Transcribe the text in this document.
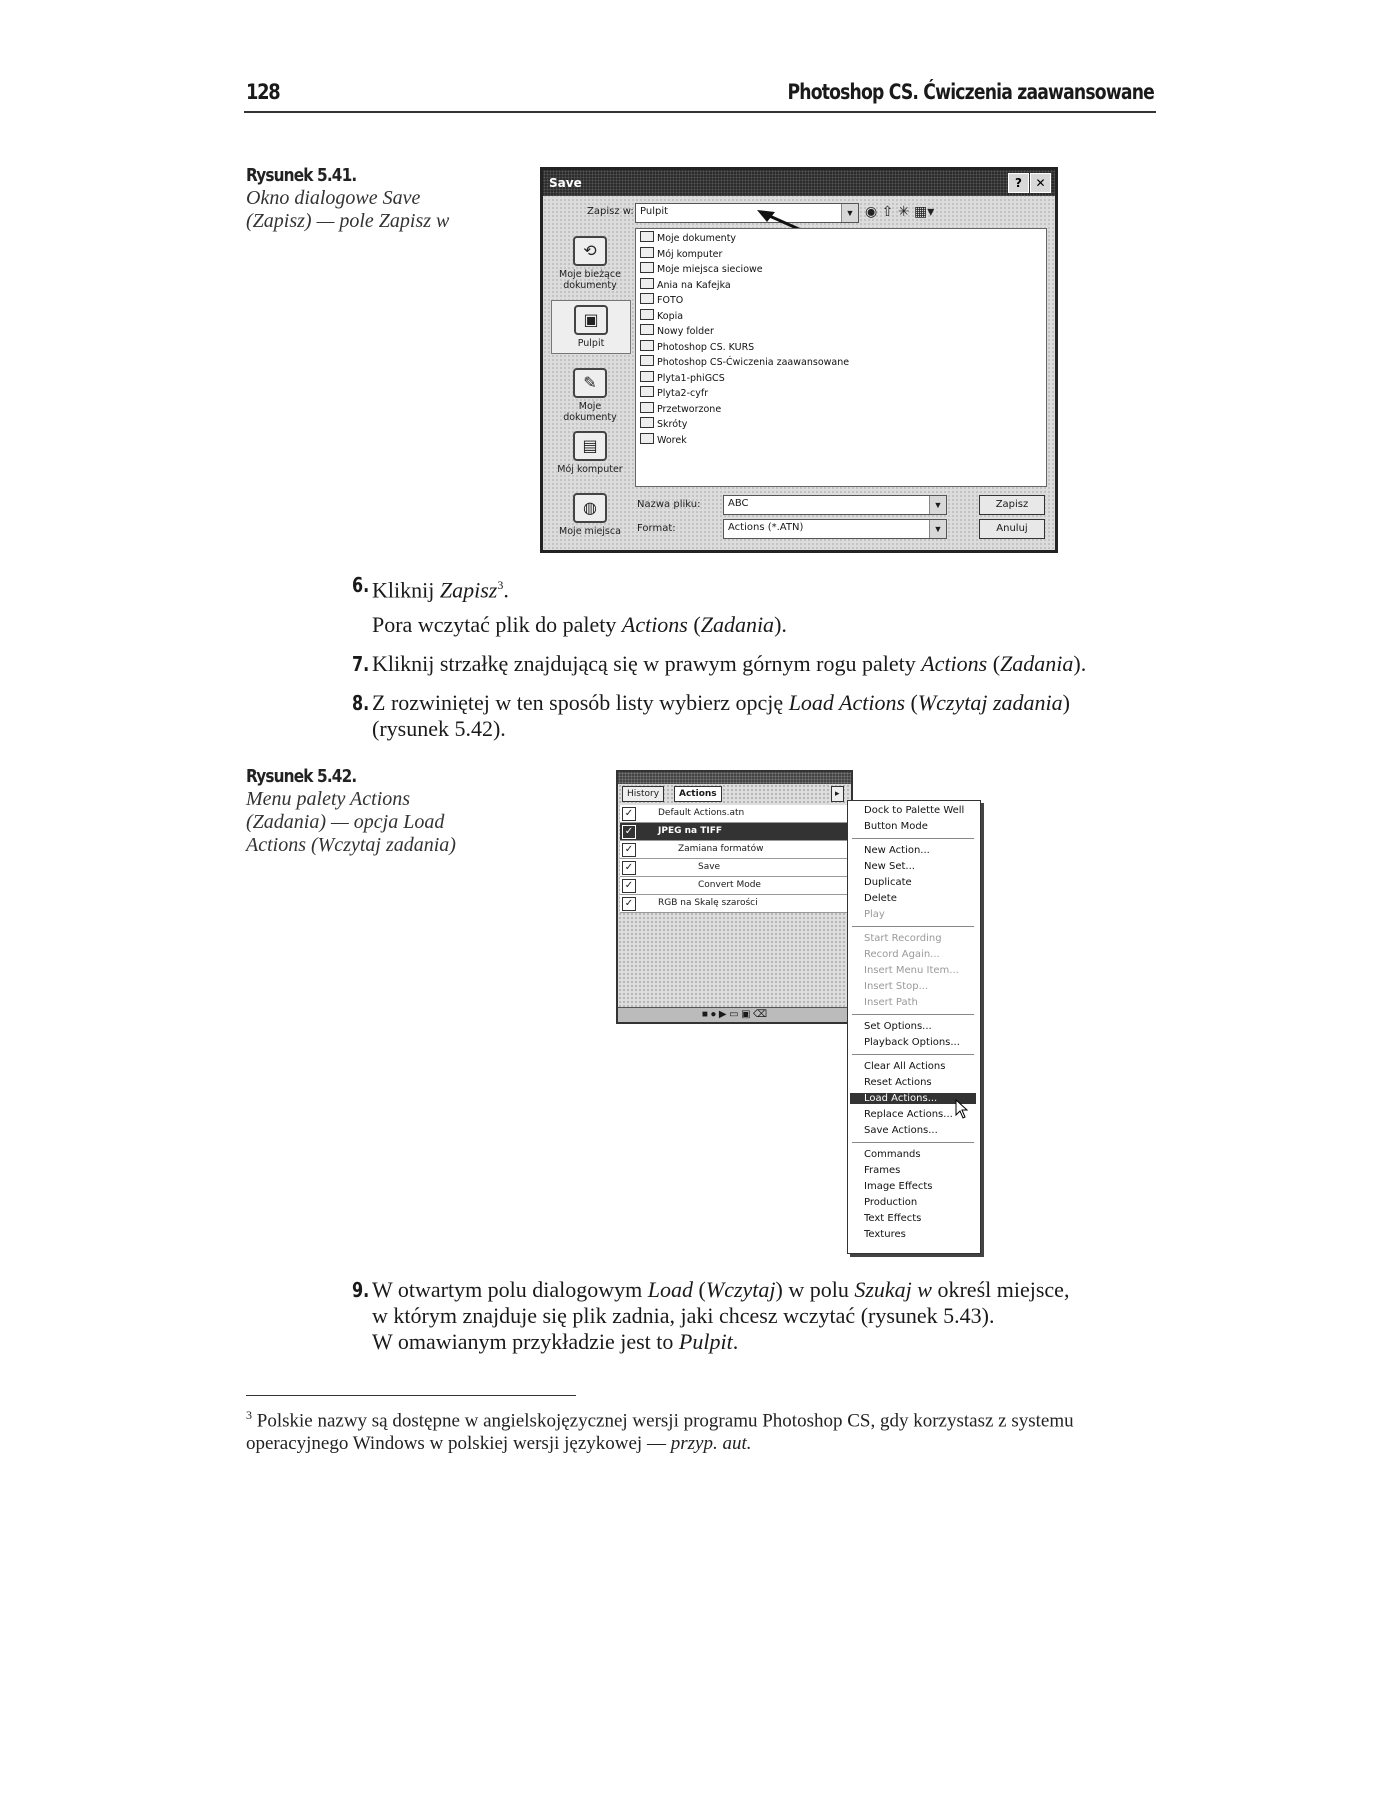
128	Photoshop CS. Ćwiczenia zaawansowane
Rysunek 5.41.
Okno dialogowe Save (Zapisz) — pole Zapisz w
Save	?	✕
Zapisz w: Pulpit	▼ ◉ ⇧ ✳ ▦▾
⟲
Moje bieżące dokumenty
▣
Pulpit
✎
Moje dokumenty
▤
Mój komputer
◍
Moje miejsca
Moje dokumenty
Mój komputer
Moje miejsca sieciowe
Ania na Kafejka
FOTO
Kopia
Nowy folder
Photoshop CS. KURS
Photoshop CS-Ćwiczenia zaawansowane
Plyta1-phiGCS
Plyta2-cyfr
Przetworzone
Skróty
Worek
Nazwa pliku:	ABC	▼
Format:	Actions (*.ATN)	▼
Zapisz
Anuluj
6. Kliknij Zapisz$^3$.
Pora wczytać plik do palety Actions (Zadania).
7. Kliknij strzałkę znajdującą się w prawym górnym rogu palety Actions (Zadania).
8. Z rozwiniętej w ten sposób listy wybierz opcję Load Actions (Wczytaj zadania)
(rysunek 5.42).
Rysunek 5.42.
Menu palety Actions (Zadania) — opcja Load Actions (Wczytaj zadania)
History	Actions	▸
✓	Default Actions.atn
✓	JPEG na TIFF
✓	Zamiana formatów
✓	Save
✓	Convert Mode
✓	RGB na Skalę szarości
■ ● ▶ ▭ ▣ ⌫
Dock to Palette Well
Button Mode
New Action...
New Set...
Duplicate
Delete
Play
Start Recording
Record Again...
Insert Menu Item...
Insert Stop...
Insert Path
Set Options...
Playback Options...
Clear All Actions
Reset Actions
Load Actions...
Replace Actions...
Save Actions...
Commands
Frames
Image Effects
Production
Text Effects
Textures
9. W otwartym polu dialogowym Load (Wczytaj) w polu Szukaj w określ miejsce,
w którym znajduje się plik zadnia, jaki chcesz wczytać (rysunek 5.43).
W omawianym przykładzie jest to Pulpit.
$^3$ Polskie nazwy są dostępne w angielskojęzycznej wersji programu Photoshop CS, gdy korzystasz z systemu operacyjnego Windows w polskiej wersji językowej — przyp. aut.
